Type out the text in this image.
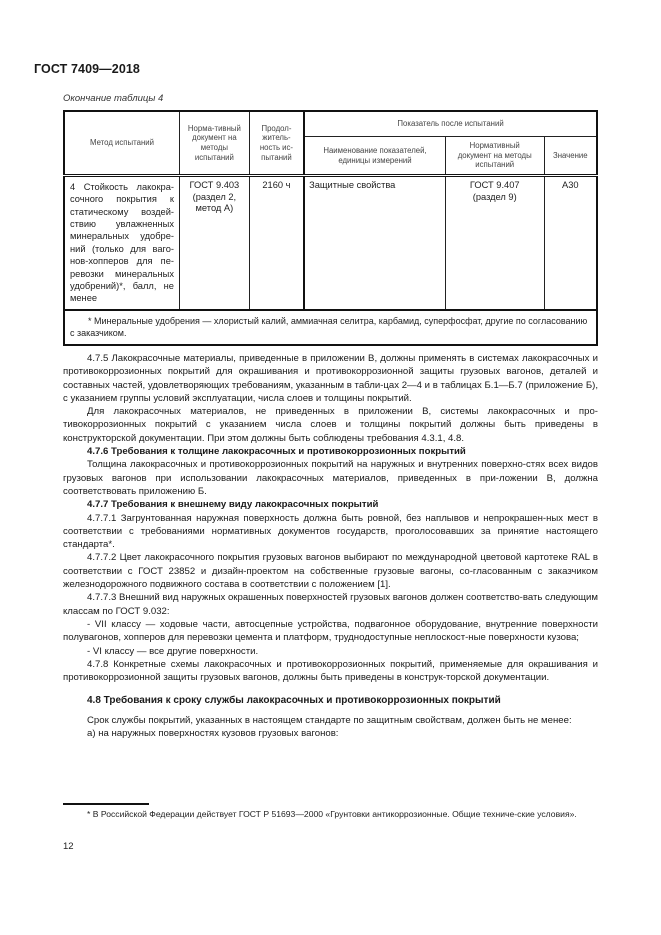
ГОСТ 7409—2018
Окончание таблицы 4
Метод испытаний	Норма-тивный документ на методы испытаний	Продол-житель-ность ис-пытаний	Показатель после испытаний		
			Наименование показателей, единицы измерений	Нормативный документ на методы испытаний	Значение
4 Стойкость лакокра-сочного покрытия к статическому воздей-ствию увлажненных минеральных удобре-ний (только для ваго-нов-хопперов для пе-ревозки минеральных удобрений)*, балл, не менее	ГОСТ 9.403 (раздел 2, метод А)	2160 ч	Защитные свойства	ГОСТ 9.407 (раздел 9)	А30
* Минеральные удобрения — хлористый калий, аммиачная селитра, карбамид, суперфосфат, другие по согласованию с заказчиком.					

4.7.5 Лакокрасочные материалы, приведенные в приложении В, должны применять в системах лакокрасочных и противокоррозионных покрытий для окрашивания и противокоррозионной защиты грузовых вагонов, деталей и составных частей, удовлетворяющих требованиям, указанным в табли-цах 2—4 и в таблицах Б.1—Б.7 (приложение Б), с указанием группы условий эксплуатации, числа слоев и толщины покрытий.

Для лакокрасочных материалов, не приведенных в приложении В, системы лакокрасочных и про-тивокоррозионных покрытий с указанием числа слоев и толщины покрытий должны быть приведены в конструкторской документации. При этом должны быть соблюдены требования 4.3.1, 4.8.

4.7.6 Требования к толщине лакокрасочных и противокоррозионных покрытий

Толщина лакокрасочных и противокоррозионных покрытий на наружных и внутренних поверхно-стях всех видов грузовых вагонов при использовании лакокрасочных материалов, приведенных в при-ложении В, должна соответствовать приложению Б.

4.7.7 Требования к внешнему виду лакокрасочных покрытий

4.7.7.1 Загрунтованная наружная поверхность должна быть ровной, без наплывов и непрокрашен-ных мест в соответствии с требованиями нормативных документов государств, проголосовавших за принятие настоящего стандарта*.

4.7.7.2 Цвет лакокрасочного покрытия грузовых вагонов выбирают по международной цветовой картотеке RAL в соответствии с ГОСТ 23852 и дизайн-проектом на собственные грузовые вагоны, со-гласованным с заказчиком железнодорожного подвижного состава в соответствии с положением [1].

4.7.7.3 Внешний вид наружных окрашенных поверхностей грузовых вагонов должен соответство-вать следующим классам по ГОСТ 9.032:

- VII классу — ходовые части, автосцепные устройства, подвагонное оборудование, внутренние поверхности полувагонов, хопперов для перевозки цемента и платформ, труднодоступные неплоскост-ные поверхности кузова;

- VI классу — все другие поверхности.

4.7.8 Конкретные схемы лакокрасочных и противокоррозионных покрытий, применяемые для окрашивания и противокоррозионной защиты грузовых вагонов, должны быть приведены в конструк-торской документации.

4.8 Требования к сроку службы лакокрасочных и противокоррозионных покрытий

Срок службы покрытий, указанных в настоящем стандарте по защитным свойствам, должен быть не менее:

а) на наружных поверхностях кузовов грузовых вагонов:

* В Российской Федерации действует ГОСТ Р 51693—2000 «Грунтовки антикоррозионные. Общие техниче-ские условия».
12
